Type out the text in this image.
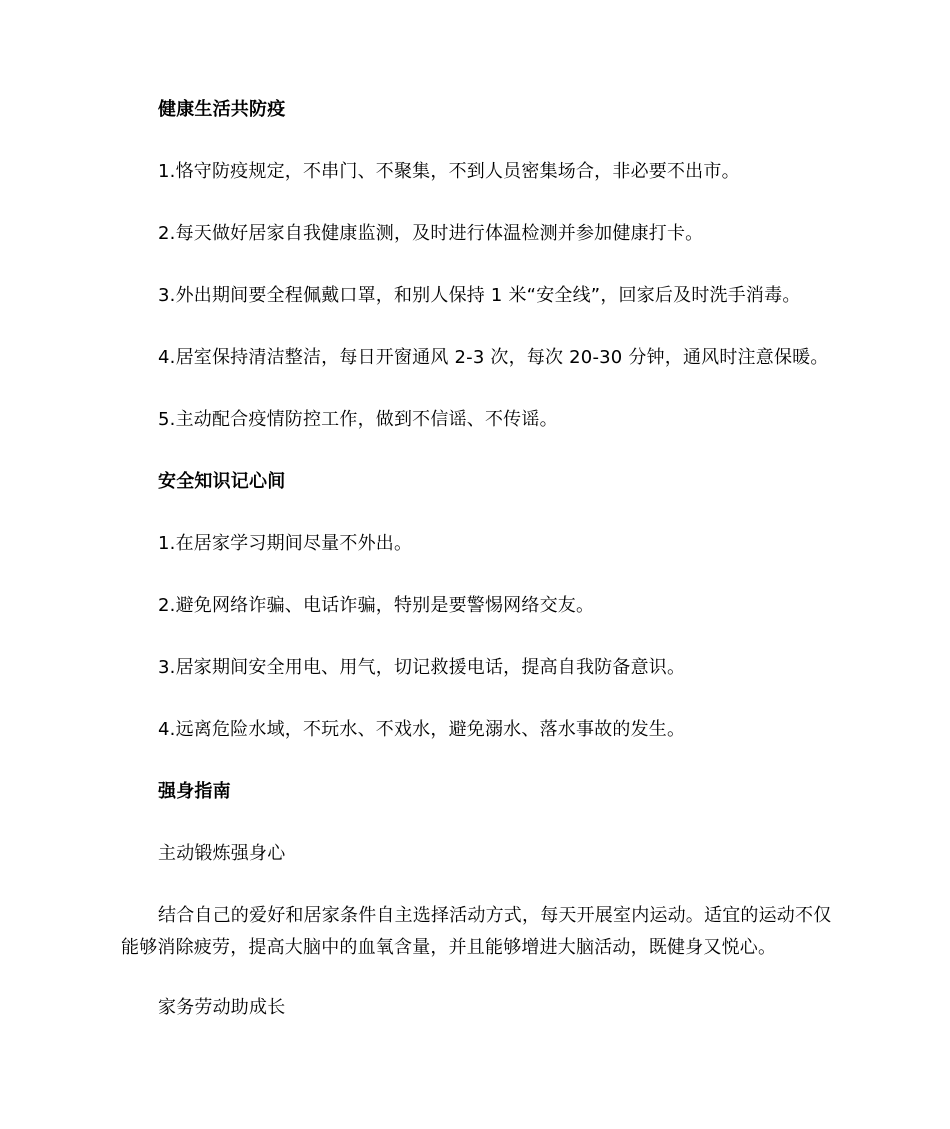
健康生活共防疫
1.恪守防疫规定，不串门、不聚集，不到人员密集场合，非必要不出市。
2.每天做好居家自我健康监测，及时进行体温检测并参加健康打卡。
3.外出期间要全程佩戴口罩，和别人保持 1 米“安全线”，回家后及时洗手消毒。
4.居室保持清洁整洁，每日开窗通风 2-3 次，每次 20-30 分钟，通风时注意保暖。
5.主动配合疫情防控工作，做到不信谣、不传谣。
安全知识记心间
1.在居家学习期间尽量不外出。
2.避免网络诈骗、电话诈骗，特别是要警惕网络交友。
3.居家期间安全用电、用气，切记救援电话，提高自我防备意识。
4.远离危险水域，不玩水、不戏水，避免溺水、落水事故的发生。
强身指南
主动锻炼强身心
结合自己的爱好和居家条件自主选择活动方式，每天开展室内运动。适宜的运动不仅能够消除疲劳，提高大脑中的血氧含量，并且能够增进大脑活动，既健身又悦心。
家务劳动助成长
